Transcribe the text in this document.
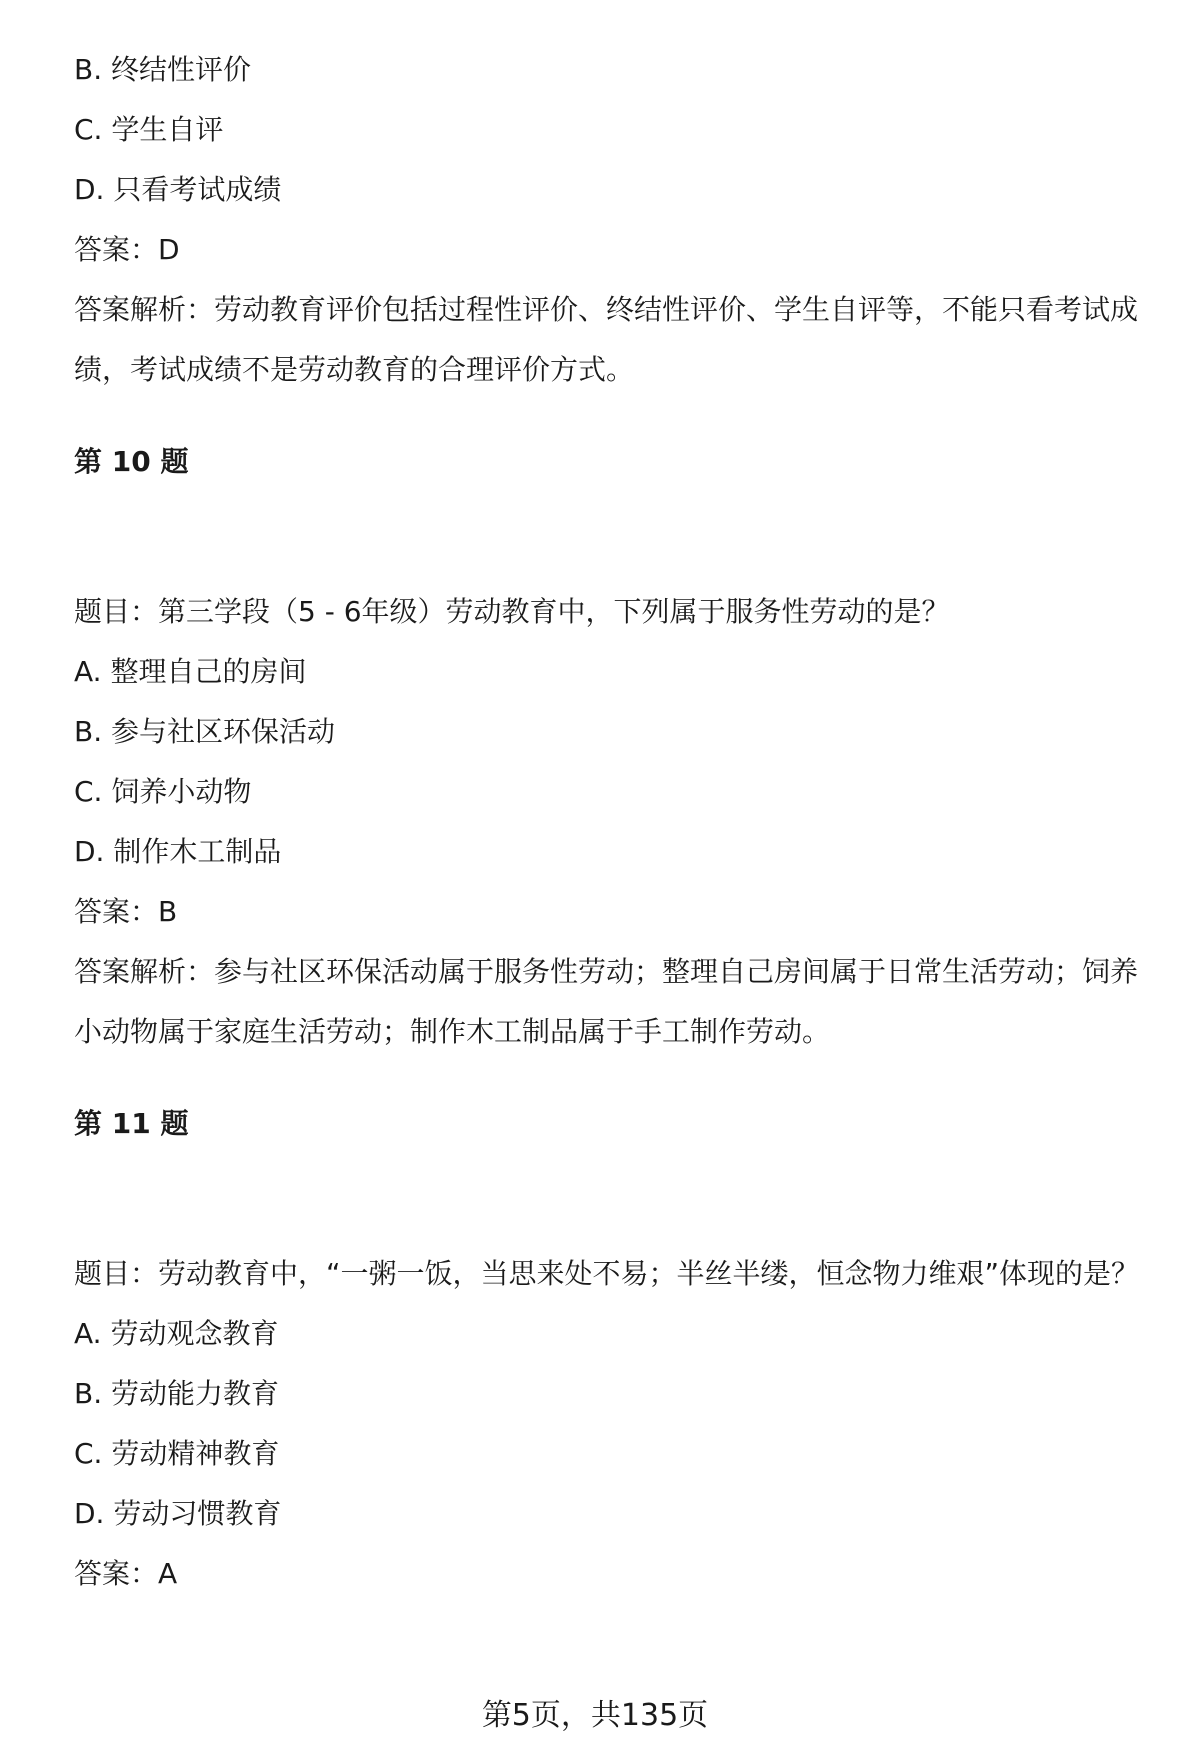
B. 终结性评价
C. 学生自评
D. 只看考试成绩
答案：D
答案解析：劳动教育评价包括过程性评价、终结性评价、学生自评等，不能只看考试成绩，考试成绩不是劳动教育的合理评价方式。
第 10 题
题目：第三学段（5 - 6年级）劳动教育中，下列属于服务性劳动的是？
A. 整理自己的房间
B. 参与社区环保活动
C. 饲养小动物
D. 制作木工制品
答案：B
答案解析：参与社区环保活动属于服务性劳动；整理自己房间属于日常生活劳动；饲养小动物属于家庭生活劳动；制作木工制品属于手工制作劳动。
第 11 题
题目：劳动教育中，“一粥一饭，当思来处不易；半丝半缕，恒念物力维艰”体现的是？
A. 劳动观念教育
B. 劳动能力教育
C. 劳动精神教育
D. 劳动习惯教育
答案：A
第5页，共135页
